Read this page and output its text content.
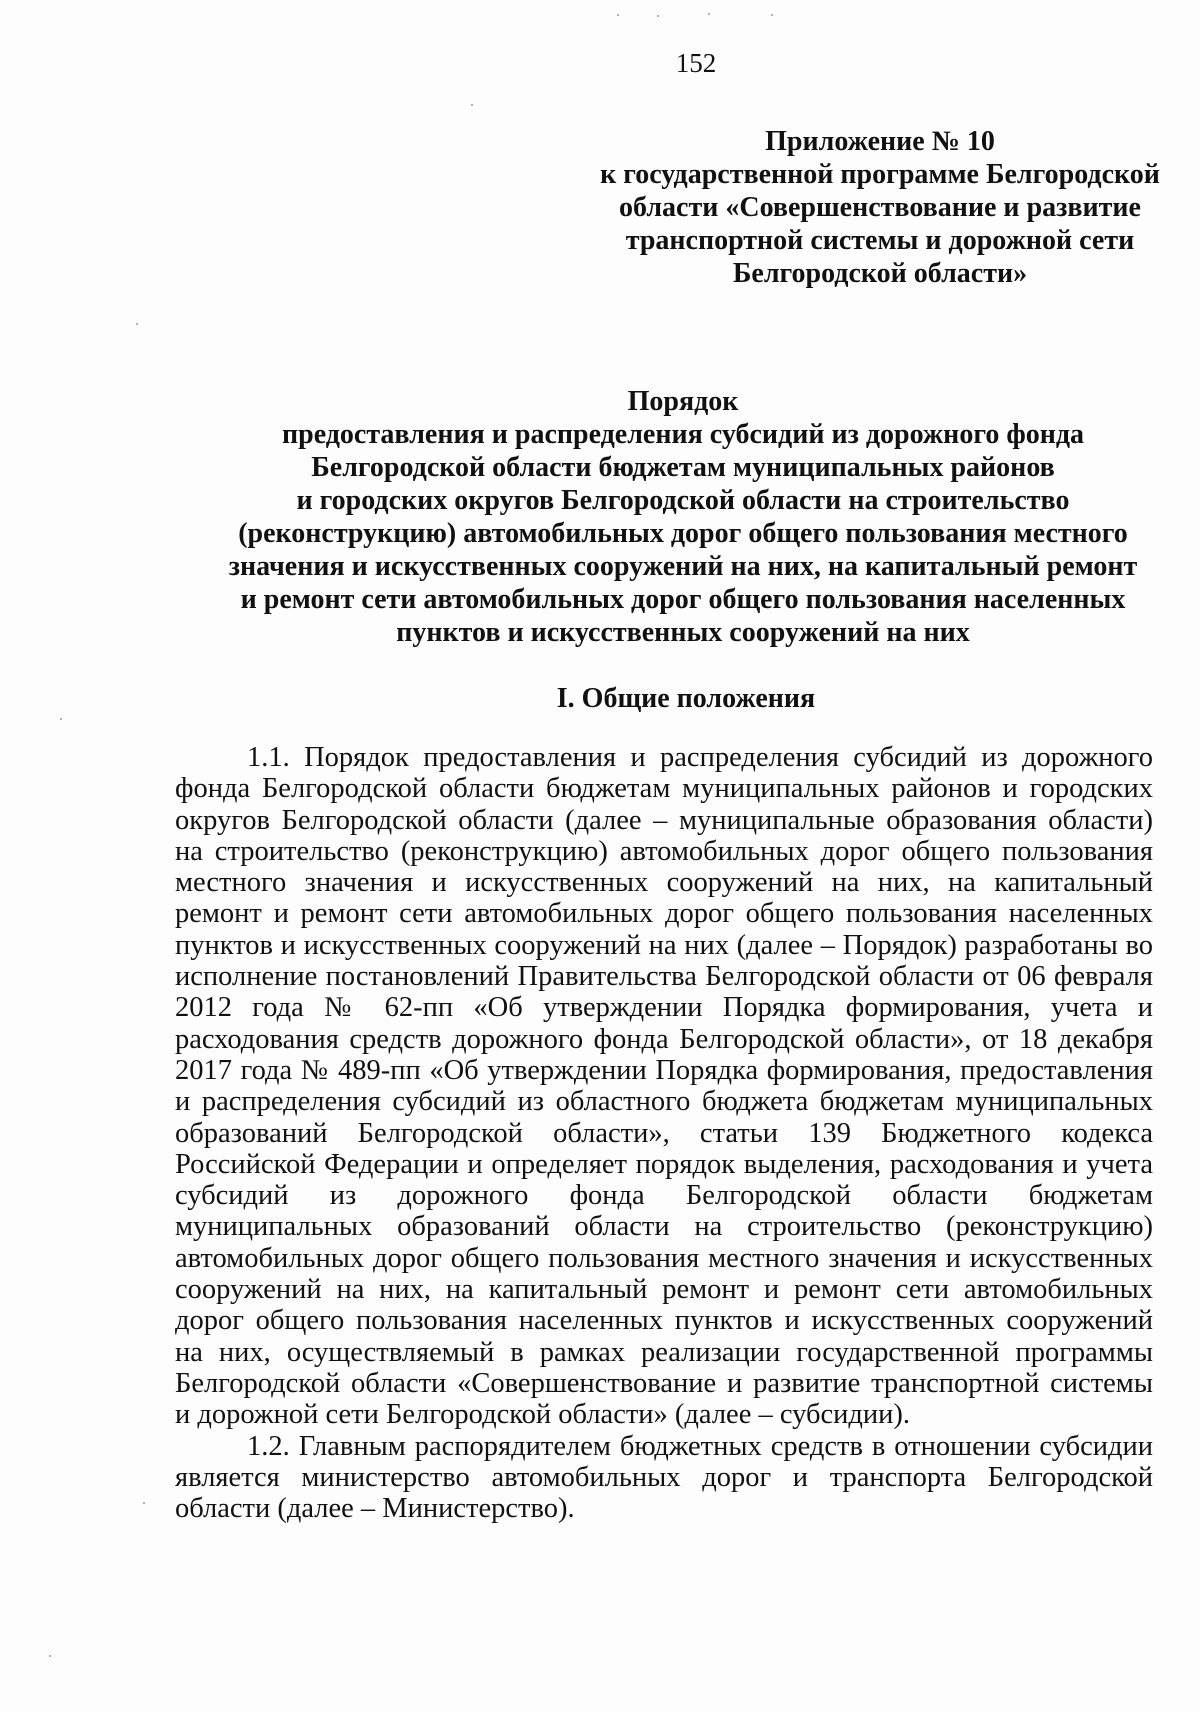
152
Приложение № 10
к государственной программе Белгородской
области «Совершенствование и развитие
транспортной системы и дорожной сети
Белгородской области»
Порядок
предоставления и распределения субсидий из дорожного фонда
Белгородской области бюджетам муниципальных районов
и городских округов Белгородской области на строительство
(реконструкцию) автомобильных дорог общего пользования местного
значения и искусственных сооружений на них, на капитальный ремонт
и ремонт сети автомобильных дорог общего пользования населенных
пунктов и искусственных сооружений на них
I. Общие положения

1.1. Порядок предоставления и распределения субсидий из дорожного фонда Белгородской области бюджетам муниципальных районов и городских округов Белгородской области (далее – муниципальные образования области) на строительство (реконструкцию) автомобильных дорог общего пользования местного значения и искусственных сооружений на них, на капитальный ремонт и ремонт сети автомобильных дорог общего пользования населенных пунктов и искусственных сооружений на них (далее – Порядок) разработаны во исполнение постановлений Правительства Белгородской области от 06 февраля 2012 года № 62-пп «Об утверждении Порядка формирования, учета и расходования средств дорожного фонда Белгородской области», от 18 декабря 2017 года № 489-пп «Об утверждении Порядка формирования, предоставления и распределения субсидий из областного бюджета бюджетам муниципальных образований Белгородской области», статьи 139 Бюджетного кодекса Российской Федерации и определяет порядок выделения, расходования и учета субсидий из дорожного фонда Белгородской области бюджетам муниципальных образований области на строительство (реконструкцию) автомобильных дорог общего пользования местного значения и искусственных сооружений на них, на капитальный ремонт и ремонт сети автомобильных дорог общего пользования населенных пунктов и искусственных сооружений на них, осуществляемый в рамках реализации государственной программы Белгородской области «Совершенствование и развитие транспортной системы и дорожной сети Белгородской области» (далее – субсидии).

1.2. Главным распорядителем бюджетных средств в отношении субсидии является министерство автомобильных дорог и транспорта Белгородской области (далее – Министерство).
